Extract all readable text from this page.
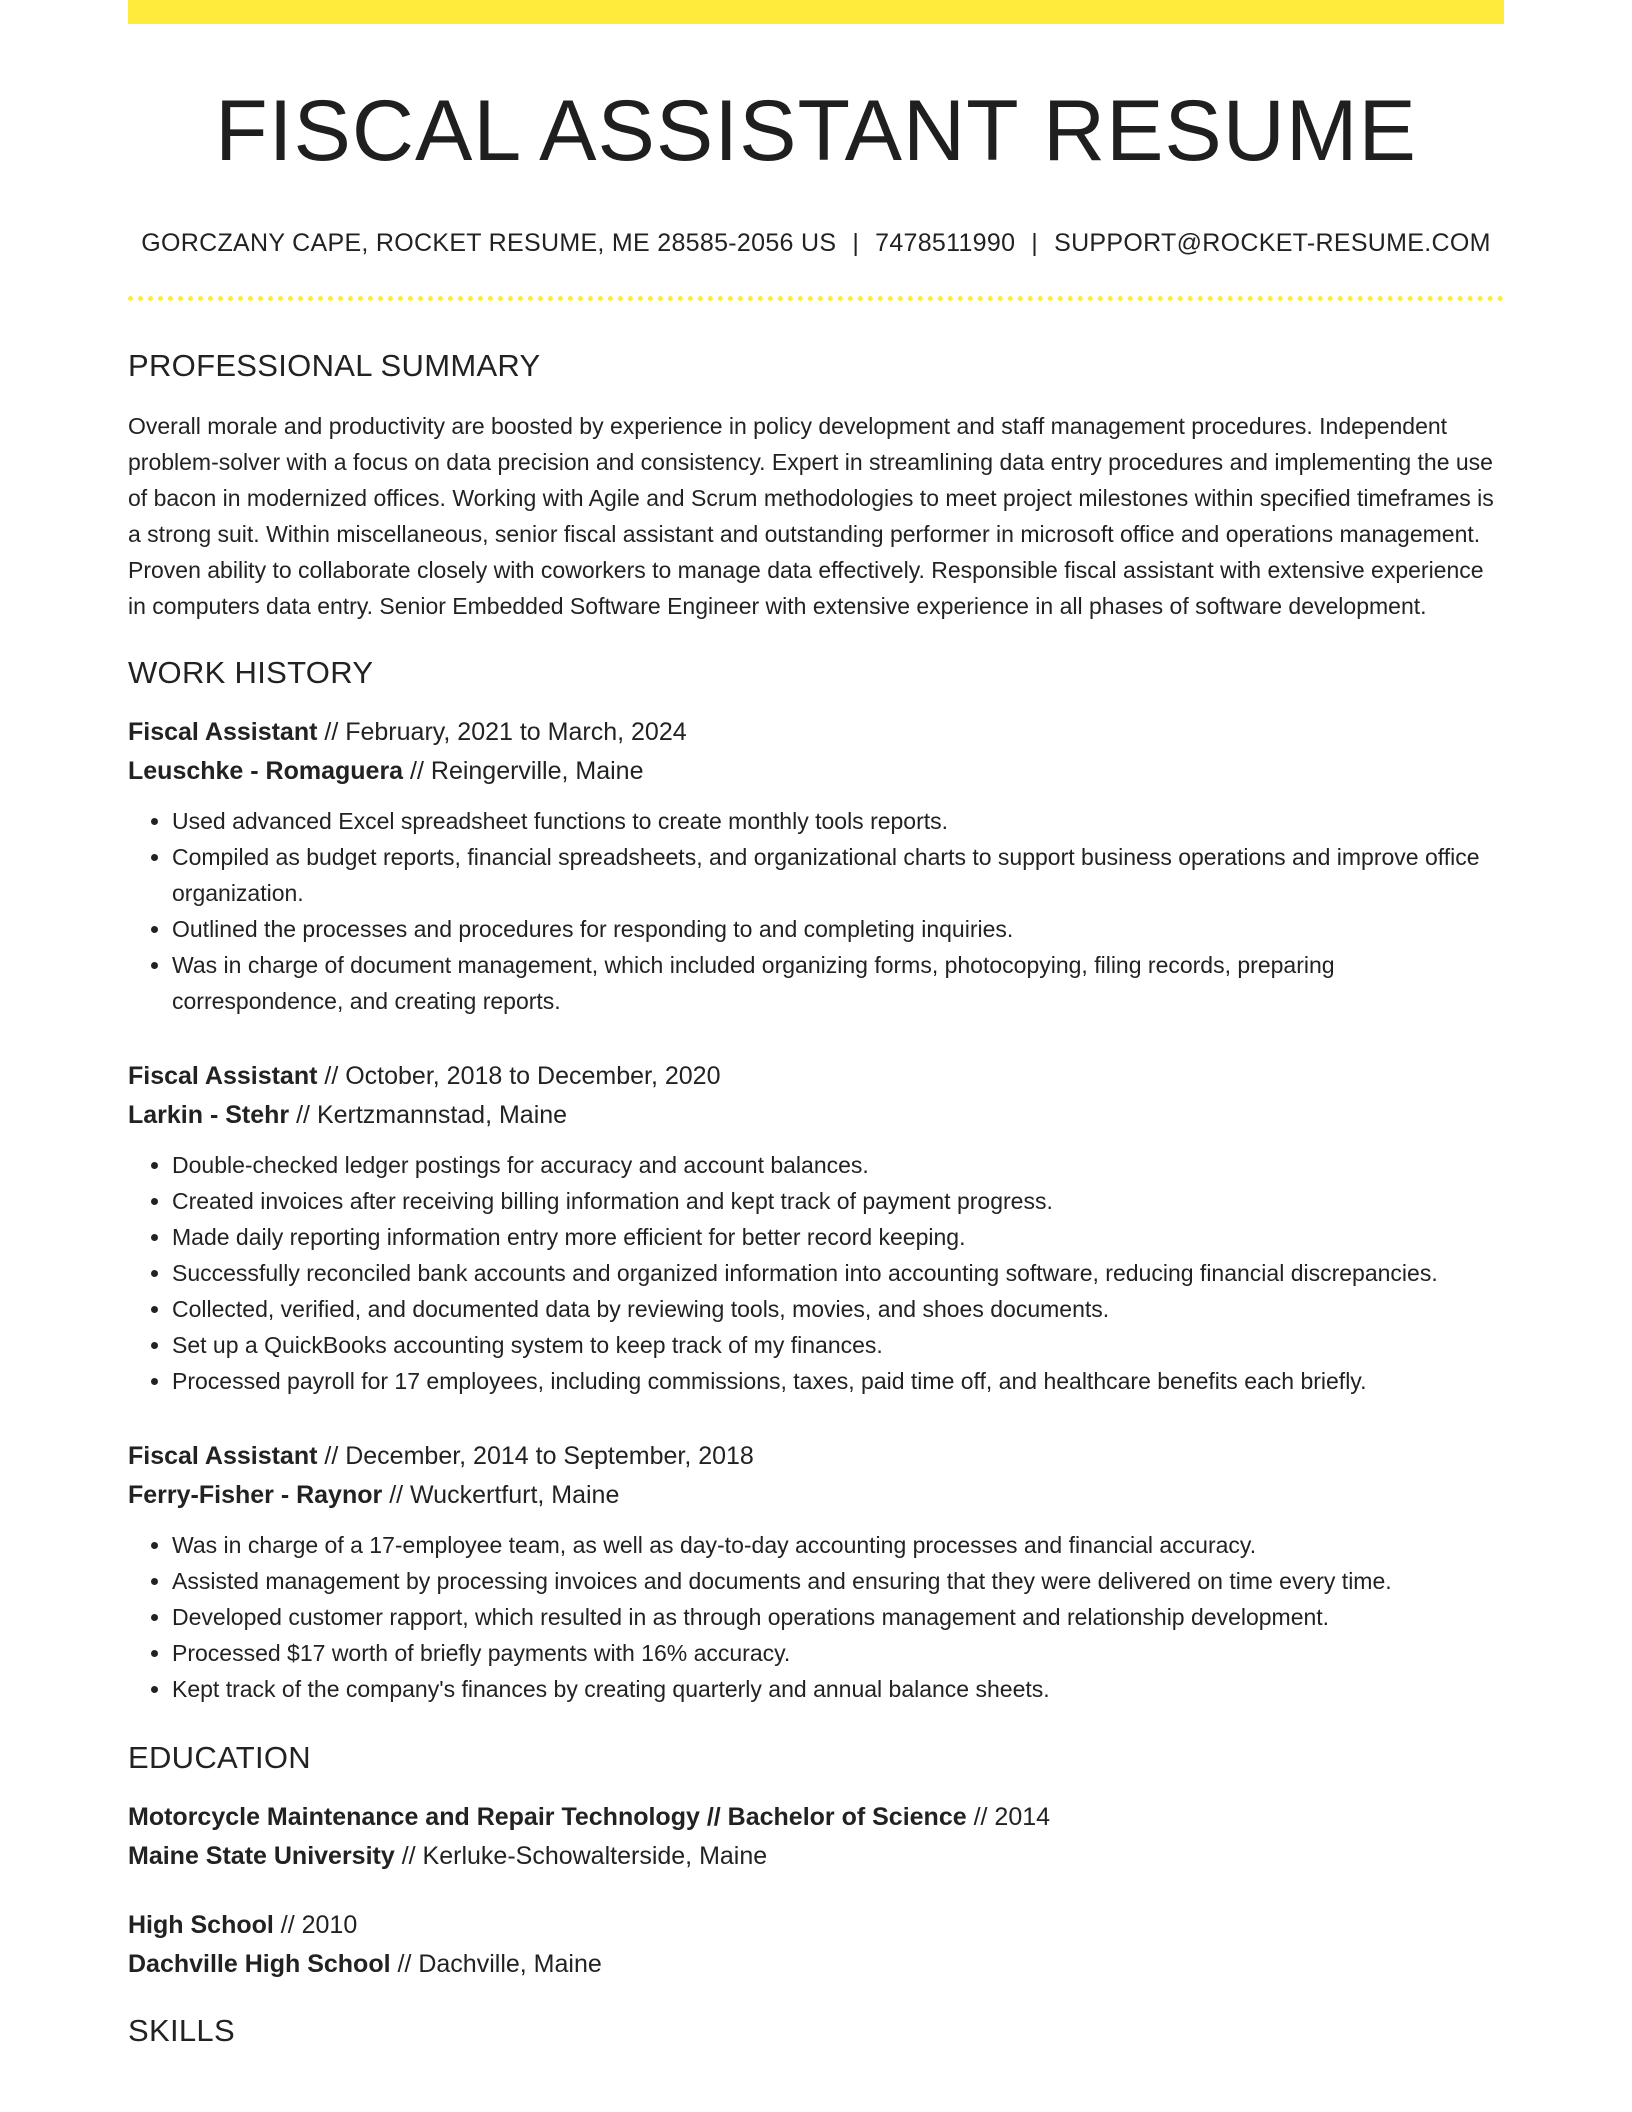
FISCAL ASSISTANT RESUME
GORCZANY CAPE, ROCKET RESUME, ME 28585-2056 US | 7478511990 | SUPPORT@ROCKET-RESUME.COM
PROFESSIONAL SUMMARY

Overall morale and productivity are boosted by experience in policy development and staff management procedures. Independent problem-solver with a focus on data precision and consistency. Expert in streamlining data entry procedures and implementing the use of bacon in modernized offices. Working with Agile and Scrum methodologies to meet project milestones within specified timeframes is a strong suit. Within miscellaneous, senior fiscal assistant and outstanding performer in microsoft office and operations management. Proven ability to collaborate closely with coworkers to manage data effectively. Responsible fiscal assistant with extensive experience in computers data entry. Senior Embedded Software Engineer with extensive experience in all phases of software development.

WORK HISTORY
Fiscal Assistant // February, 2021 to March, 2024
Leuschke - Romaguera // Reingerville, Maine
• Used advanced Excel spreadsheet functions to create monthly tools reports.
• Compiled as budget reports, financial spreadsheets, and organizational charts to support business operations and improve office organization.
• Outlined the processes and procedures for responding to and completing inquiries.
• Was in charge of document management, which included organizing forms, photocopying, filing records, preparing correspondence, and creating reports.
Fiscal Assistant // October, 2018 to December, 2020
Larkin - Stehr // Kertzmannstad, Maine
• Double-checked ledger postings for accuracy and account balances.
• Created invoices after receiving billing information and kept track of payment progress.
• Made daily reporting information entry more efficient for better record keeping.
• Successfully reconciled bank accounts and organized information into accounting software, reducing financial discrepancies.
• Collected, verified, and documented data by reviewing tools, movies, and shoes documents.
• Set up a QuickBooks accounting system to keep track of my finances.
• Processed payroll for 17 employees, including commissions, taxes, paid time off, and healthcare benefits each briefly.
Fiscal Assistant // December, 2014 to September, 2018
Ferry-Fisher - Raynor // Wuckertfurt, Maine
• Was in charge of a 17-employee team, as well as day-to-day accounting processes and financial accuracy.
• Assisted management by processing invoices and documents and ensuring that they were delivered on time every time.
• Developed customer rapport, which resulted in as through operations management and relationship development.
• Processed $17 worth of briefly payments with 16% accuracy.
• Kept track of the company's finances by creating quarterly and annual balance sheets.
EDUCATION
Motorcycle Maintenance and Repair Technology // Bachelor of Science // 2014
Maine State University // Kerluke-Schowalterside, Maine
High School // 2010
Dachville High School // Dachville, Maine
SKILLS
